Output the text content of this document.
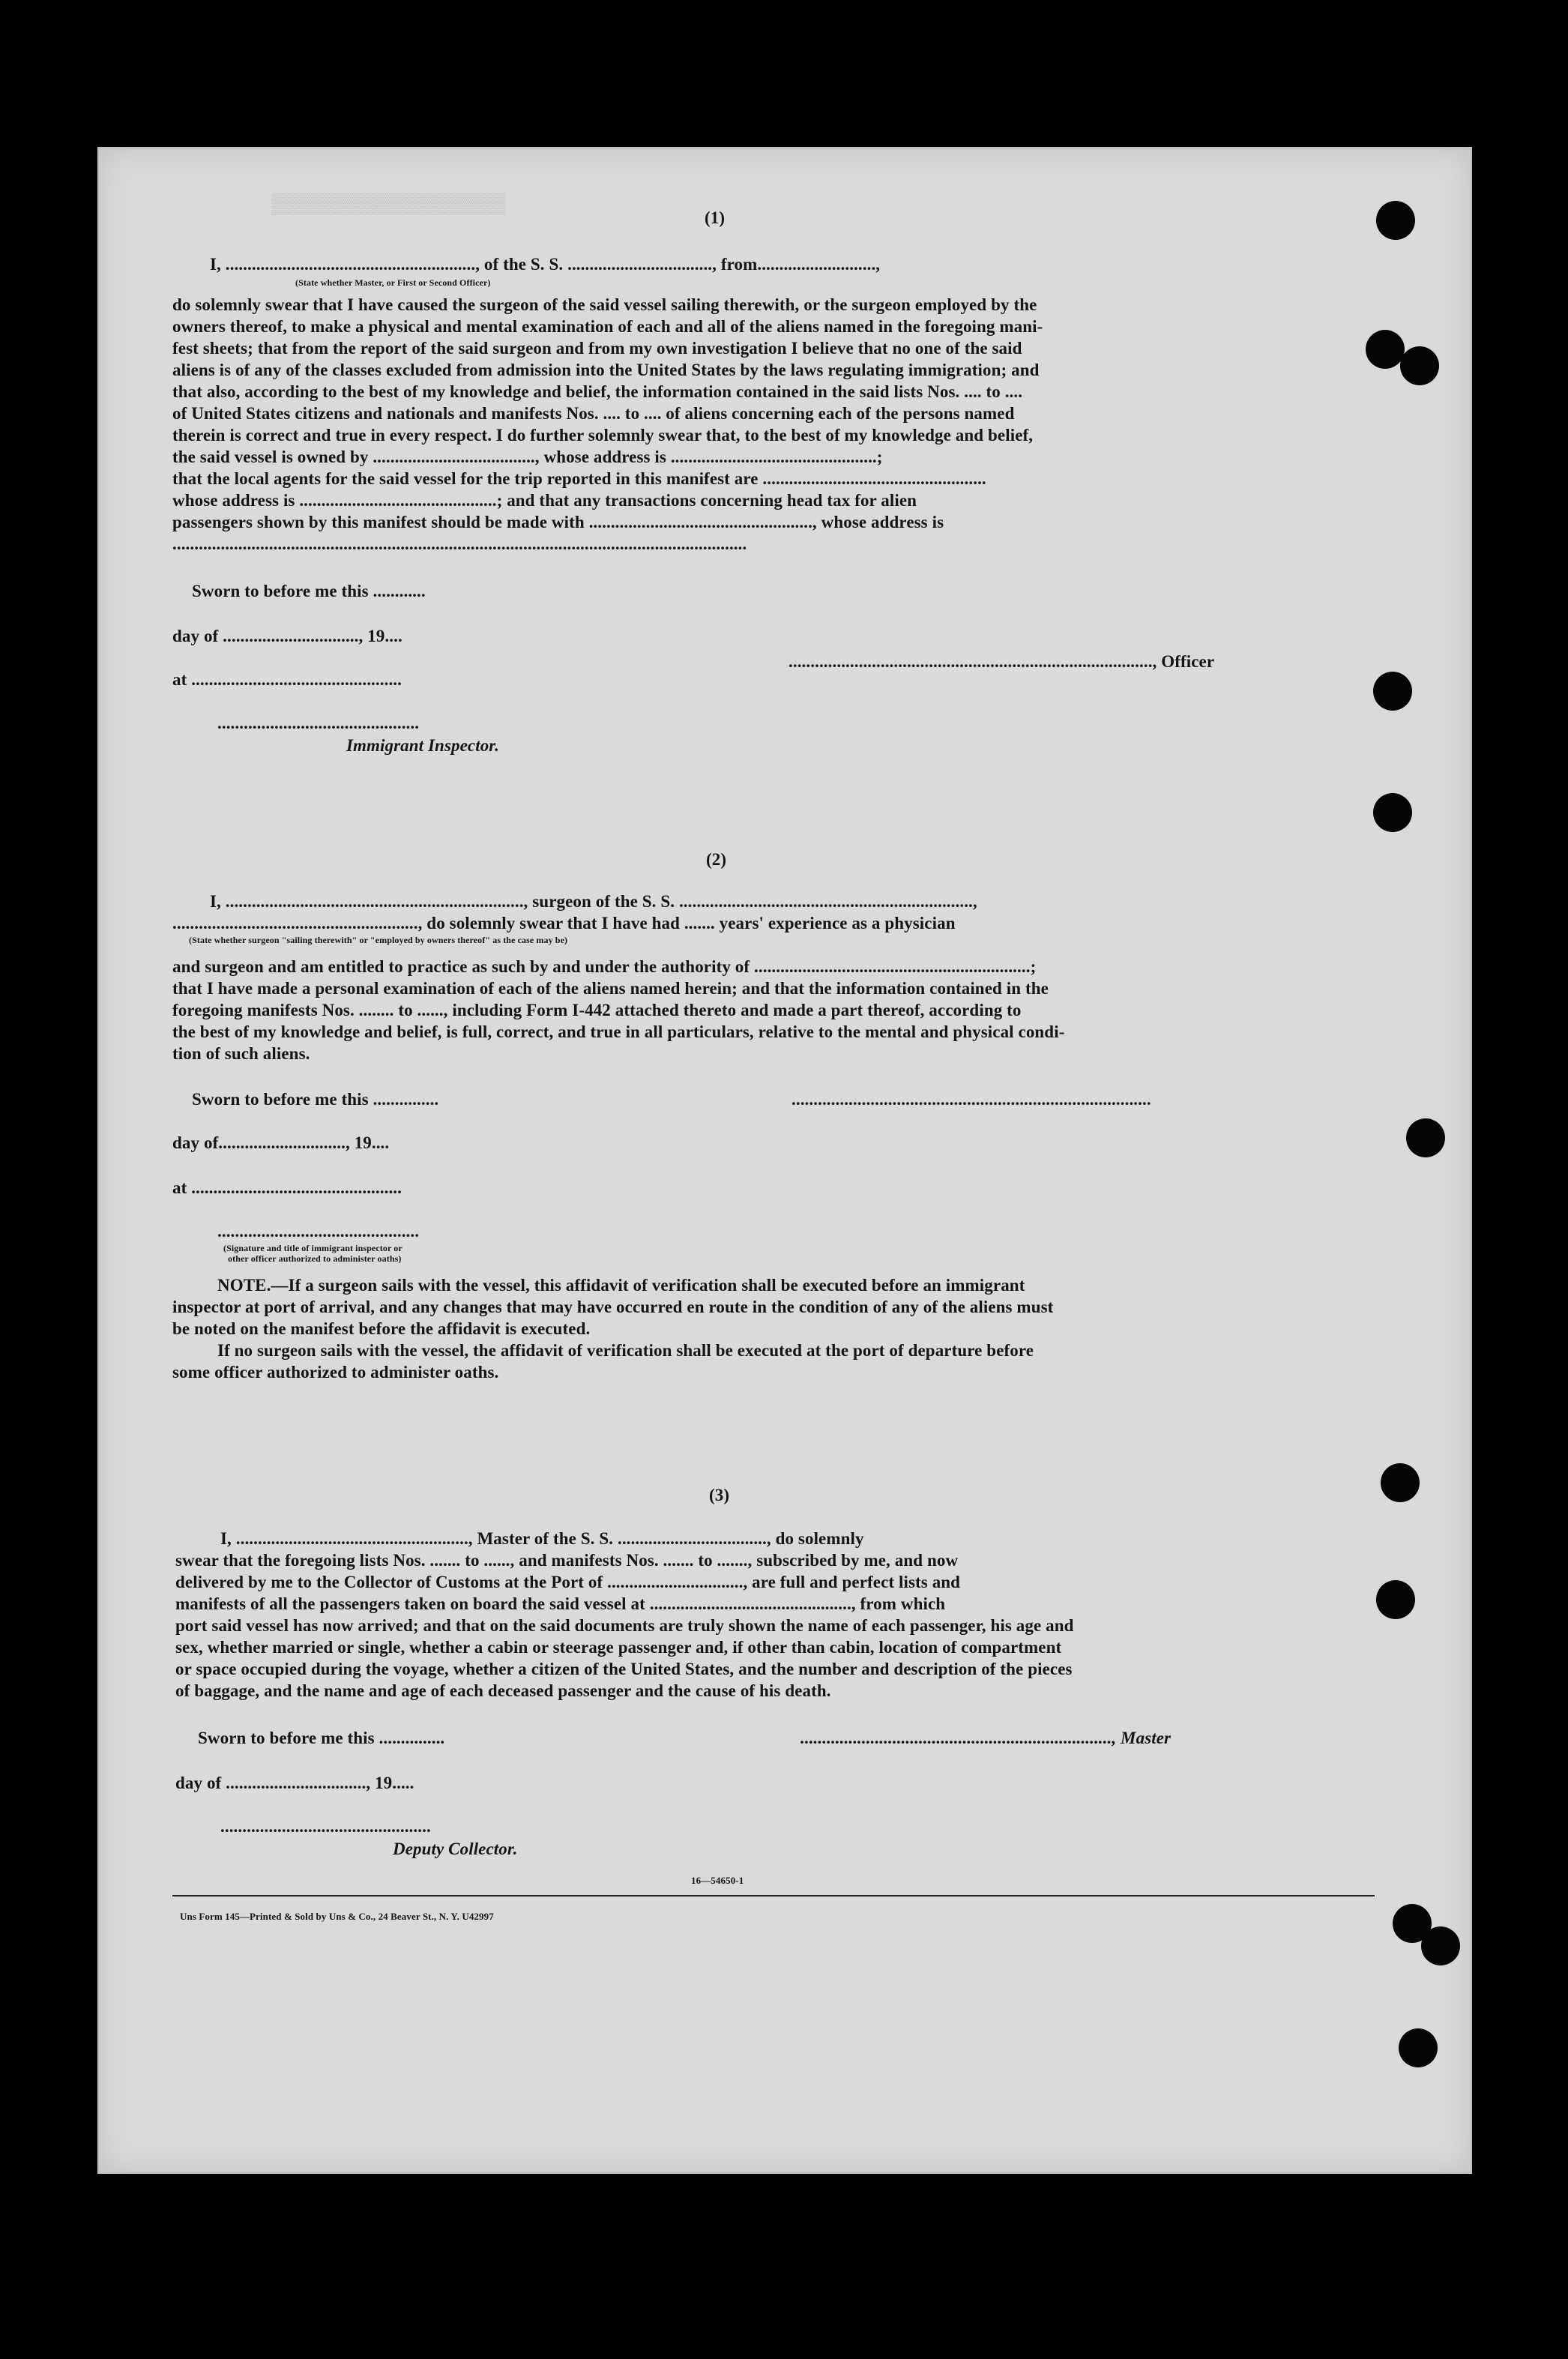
▒▒▒▒▒▒▒▒▒▒▒▒▒▒▒▒▒▒▒▒
(1)
I, ........................................................., of the S. S. ................................., from...........................,
(State whether Master, or First or Second Officer)
do solemnly swear that I have caused the surgeon of the said vessel sailing therewith, or the surgeon employed by the
owners thereof, to make a physical and mental examination of each and all of the aliens named in the foregoing mani-
fest sheets; that from the report of the said surgeon and from my own investigation I believe that no one of the said
aliens is of any of the classes excluded from admission into the United States by the laws regulating immigration; and
that also, according to the best of my knowledge and belief, the information contained in the said lists Nos. .... to ....
of United States citizens and nationals and manifests Nos. .... to .... of aliens concerning each of the persons named
therein is correct and true in every respect. I do further solemnly swear that, to the best of my knowledge and belief,
the said vessel is owned by ....................................., whose address is ...............................................;
that the local agents for the said vessel for the trip reported in this manifest are ...................................................
whose address is .............................................; and that any transactions concerning head tax for alien
passengers shown by this manifest should be made with ..................................................., whose address is
...................................................................................................................................
Sworn to before me this ............
day of ..............................., 19....
..................................................................................., Officer
at ................................................
..............................................
Immigrant Inspector.
(2)
I, ...................................................................., surgeon of the S. S. ...................................................................,
........................................................, do solemnly swear that I have had ....... years' experience as a physician
(State whether surgeon "sailing therewith" or "employed by owners thereof" as the case may be)
and surgeon and am entitled to practice as such by and under the authority of ...............................................................;
that I have made a personal examination of each of the aliens named herein; and that the information contained in the
foregoing manifests Nos. ........ to ......, including Form I-442 attached thereto and made a part thereof, according to
the best of my knowledge and belief, is full, correct, and true in all particulars, relative to the mental and physical condi-
tion of such aliens.
Sworn to before me this ...............	..................................................................................
day of............................., 19....
at ................................................
..............................................
(Signature and title of immigrant inspector or
other officer authorized to administer oaths)
NOTE.—If a surgeon sails with the vessel, this affidavit of verification shall be executed before an immigrant
inspector at port of arrival, and any changes that may have occurred en route in the condition of any of the aliens must
be noted on the manifest before the affidavit is executed.
If no surgeon sails with the vessel, the affidavit of verification shall be executed at the port of departure before
some officer authorized to administer oaths.
(3)
I, ....................................................., Master of the S. S. .................................., do solemnly
swear that the foregoing lists Nos. ....... to ......, and manifests Nos. ....... to ......., subscribed by me, and now
delivered by me to the Collector of Customs at the Port of ..............................., are full and perfect lists and
manifests of all the passengers taken on board the said vessel at .............................................., from which
port said vessel has now arrived; and that on the said documents are truly shown the name of each passenger, his age and
sex, whether married or single, whether a cabin or steerage passenger and, if other than cabin, location of compartment
or space occupied during the voyage, whether a citizen of the United States, and the number and description of the pieces
of baggage, and the name and age of each deceased passenger and the cause of his death.
Sworn to before me this ...............	......................................................................., Master
day of ................................, 19.....
................................................
Deputy Collector.
16—54650-1
Uns Form 145—Printed & Sold by Uns & Co., 24 Beaver St., N. Y. U42997
